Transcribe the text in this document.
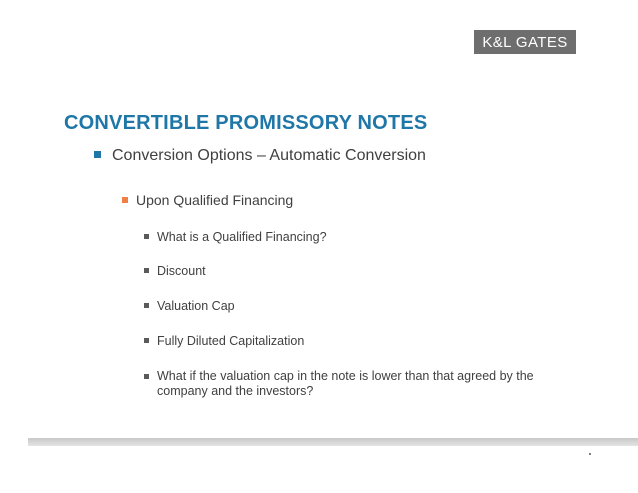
K&L GATES
CONVERTIBLE PROMISSORY NOTES
Conversion Options – Automatic Conversion
Upon Qualified Financing
What is a Qualified Financing?
Discount
Valuation Cap
Fully Diluted Capitalization
What if the valuation cap in the note is lower than that agreed by the company and the investors?
